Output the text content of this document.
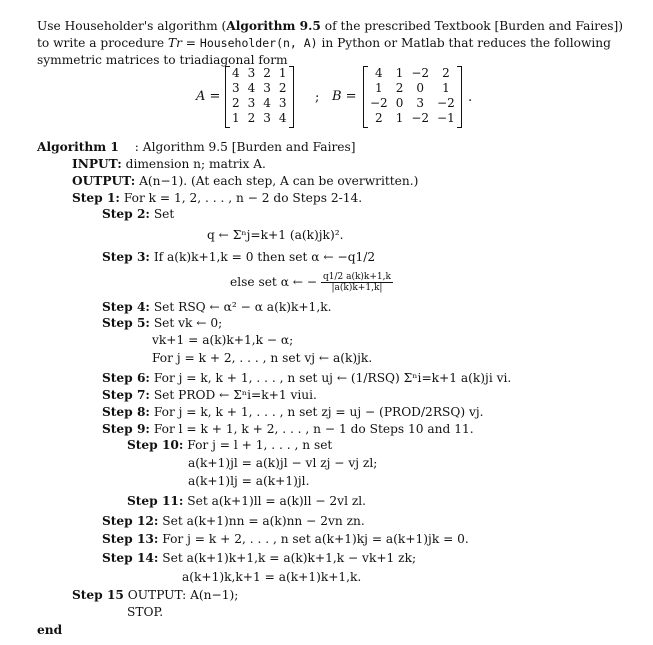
Use Householder's algorithm (Algorithm 9.5 of the prescribed Textbook [Burden and Faires]) to write a procedure Tr = Householder(n, A) in Python or Matlab that reduces the following symmetric matrices to triadiagonal form
A =
4	3	2	1
3	4	3	2
2	3	4	3
1	2	3	4
; B =
4	1	−2	2
1	2	0	1
−2	0	3	−2
2	1	−2	−1
.
Algorithm 1 : Algorithm 9.5 [Burden and Faires]
INPUT: dimension n; matrix A.
OUTPUT: A(n−1). (At each step, A can be overwritten.)
Step 1: For k = 1, 2, . . . , n − 2 do Steps 2-14.
Step 2: Set
q ← Σⁿj=k+1 (a(k)jk)².
Step 3: If a(k)k+1,k = 0 then set α ← −q1/2
else set α ← − $\frac{q1/2 a(k)k+1,k}{|a(k)k+1,k|}$
Step 4: Set RSQ ← α² − α a(k)k+1,k.
Step 5: Set vk ← 0;
vk+1 = a(k)k+1,k − α;
For j = k + 2, . . . , n set vj ← a(k)jk.
Step 6: For j = k, k + 1, . . . , n set uj ← (1/RSQ) Σⁿi=k+1 a(k)ji vi.
Step 7: Set PROD ← Σⁿi=k+1 viui.
Step 8: For j = k, k + 1, . . . , n set zj = uj − (PROD/2RSQ) vj.
Step 9: For l = k + 1, k + 2, . . . , n − 1 do Steps 10 and 11.
Step 10: For j = l + 1, . . . , n set
a(k+1)jl = a(k)jl − vl zj − vj zl;
a(k+1)lj = a(k+1)jl.
Step 11: Set a(k+1)ll = a(k)ll − 2vl zl.
Step 12: Set a(k+1)nn = a(k)nn − 2vn zn.
Step 13: For j = k + 2, . . . , n set a(k+1)kj = a(k+1)jk = 0.
Step 14: Set a(k+1)k+1,k = a(k)k+1,k − vk+1 zk;
a(k+1)k,k+1 = a(k+1)k+1,k.
Step 15 OUTPUT: A(n−1);
STOP.
end
